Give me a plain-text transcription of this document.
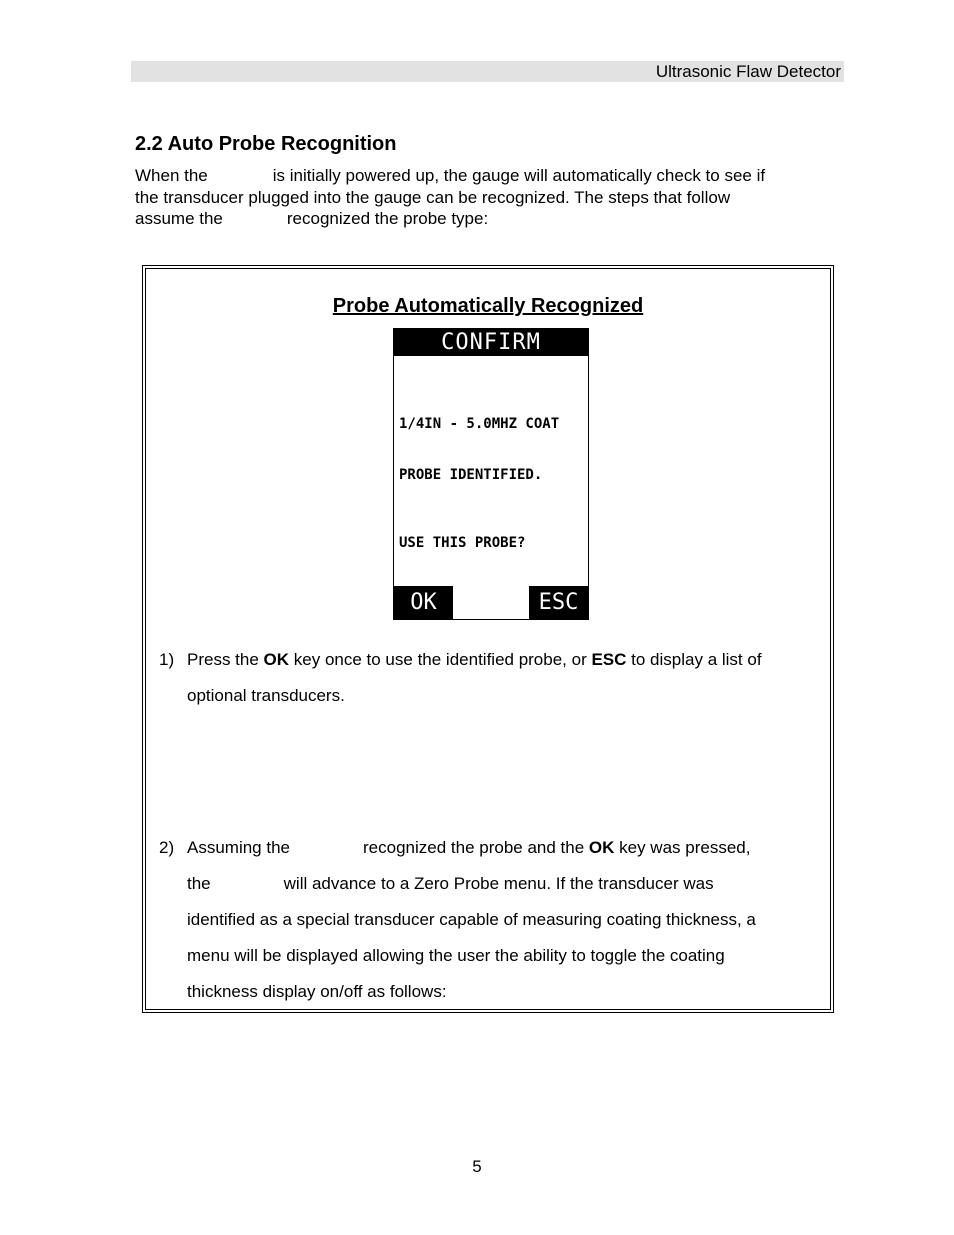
Ultrasonic Flaw Detector
2.2 Auto Probe Recognition
When the	is initially powered up, the gauge will automatically check to see if
the transducer plugged into the gauge can be recognized. The steps that follow
assume the	recognized the probe type:
Probe Automatically Recognized
CONFIRM

1/4IN - 5.0MHZ COAT

PROBE IDENTIFIED.

USE THIS PROBE?

OK	ESC
1) Press the OK key once to use the identified probe, or ESC to display a list of
optional transducers.
2) Assuming the	recognized the probe and the OK key was pressed,
the	will advance to a Zero Probe menu. If the transducer was
identified as a special transducer capable of measuring coating thickness, a
menu will be displayed allowing the user the ability to toggle the coating
thickness display on/off as follows:
5
